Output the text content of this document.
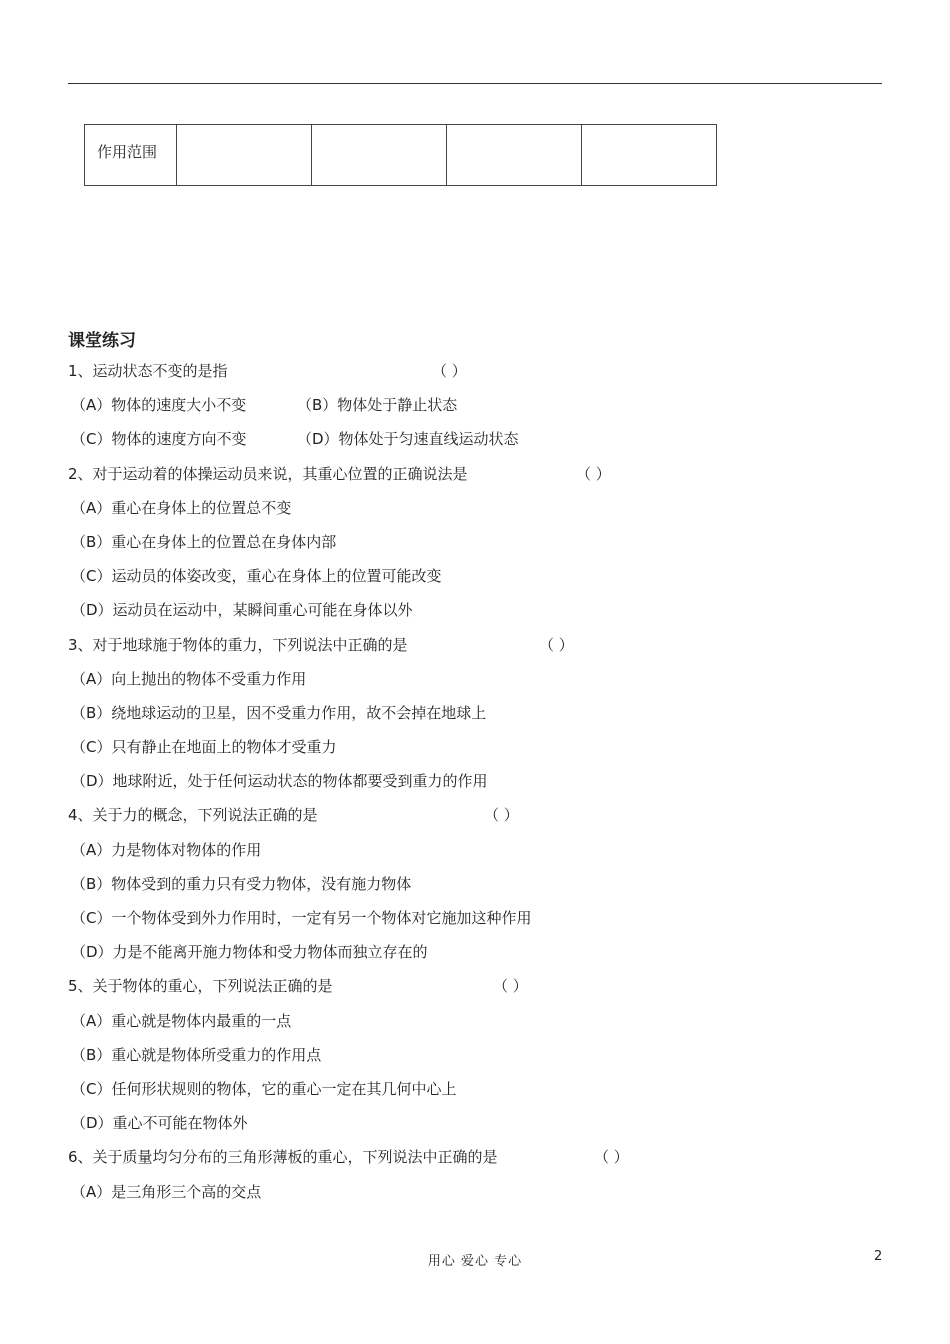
作用范围				
课堂练习
1、运动状态不变的是指	（ ）
（A）物体的速度大小不变	（B）物体处于静止状态
（C）物体的速度方向不变	（D）物体处于匀速直线运动状态
2、对于运动着的体操运动员来说，其重心位置的正确说法是	（ ）
（A）重心在身体上的位置总不变
（B）重心在身体上的位置总在身体内部
（C）运动员的体姿改变，重心在身体上的位置可能改变
（D）运动员在运动中，某瞬间重心可能在身体以外
3、对于地球施于物体的重力，下列说法中正确的是	（ ）
（A）向上抛出的物体不受重力作用
（B）绕地球运动的卫星，因不受重力作用，故不会掉在地球上
（C）只有静止在地面上的物体才受重力
（D）地球附近，处于任何运动状态的物体都要受到重力的作用
4、关于力的概念，下列说法正确的是	（ ）
（A）力是物体对物体的作用
（B）物体受到的重力只有受力物体，没有施力物体
（C）一个物体受到外力作用时，一定有另一个物体对它施加这种作用
（D）力是不能离开施力物体和受力物体而独立存在的
5、关于物体的重心，下列说法正确的是	（ ）
（A）重心就是物体内最重的一点
（B）重心就是物体所受重力的作用点
（C）任何形状规则的物体，它的重心一定在其几何中心上
（D）重心不可能在物体外
6、关于质量均匀分布的三角形薄板的重心，下列说法中正确的是	（ ）
（A）是三角形三个高的交点
用心 爱心 专心	2
